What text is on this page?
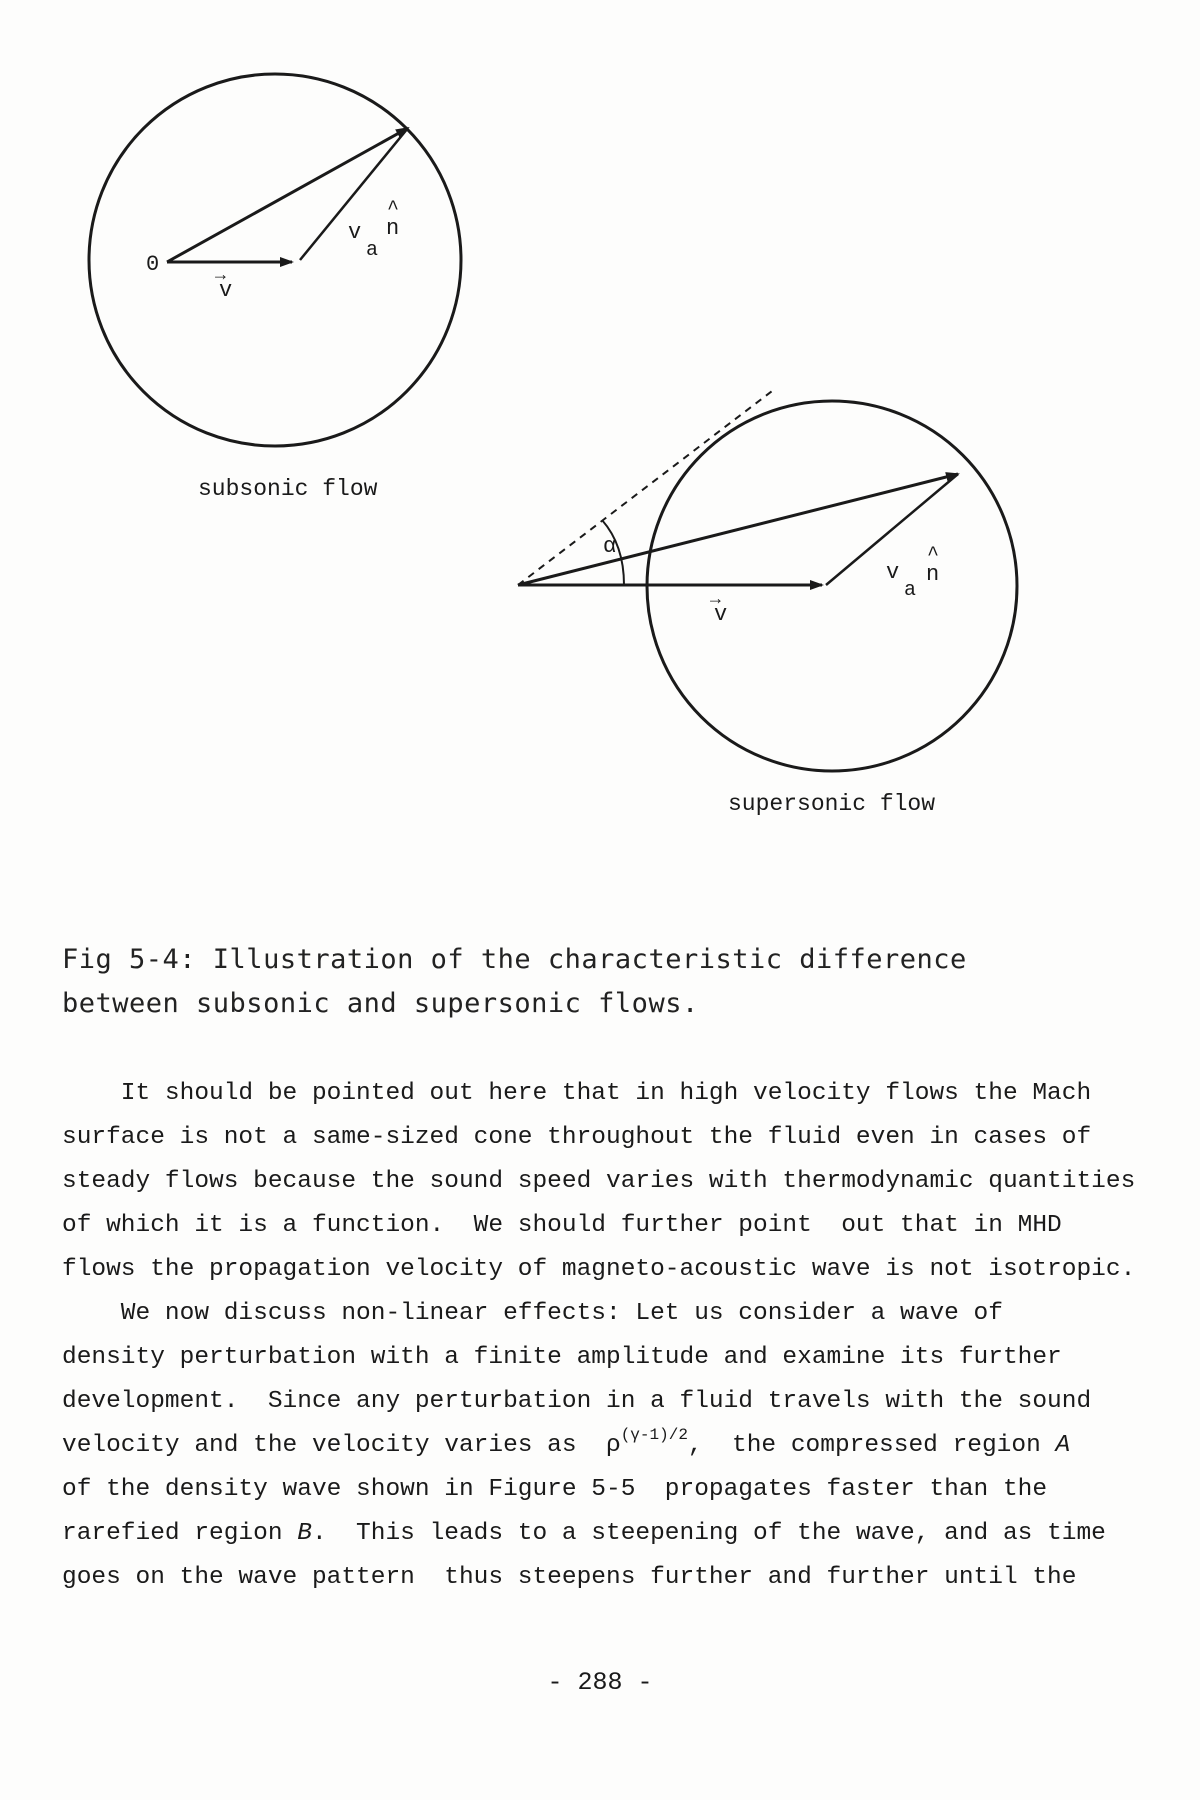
0	→
v
v
a
^
n
subsonic flow
α
→
v
v
a
^
n
supersonic flow
Fig 5-4: Illustration of the characteristic difference
between subsonic and supersonic flows.
It should be pointed out here that in high velocity flows the Mach
surface is not a same-sized cone throughout the fluid even in cases of
steady flows because the sound speed varies with thermodynamic quantities
of which it is a function.  We should further point  out that in MHD
flows the propagation velocity of magneto-acoustic wave is not isotropic.
We now discuss non-linear effects: Let us consider a wave of
density perturbation with a finite amplitude and examine its further
development.  Since any perturbation in a fluid travels with the sound
velocity and the velocity varies as  $\rho^{(\gamma-1)/2}$,  the compressed region A
of the density wave shown in Figure 5-5  propagates faster than the
rarefied region B.  This leads to a steepening of the wave, and as time
goes on the wave pattern  thus steepens further and further until the
- 288 -
